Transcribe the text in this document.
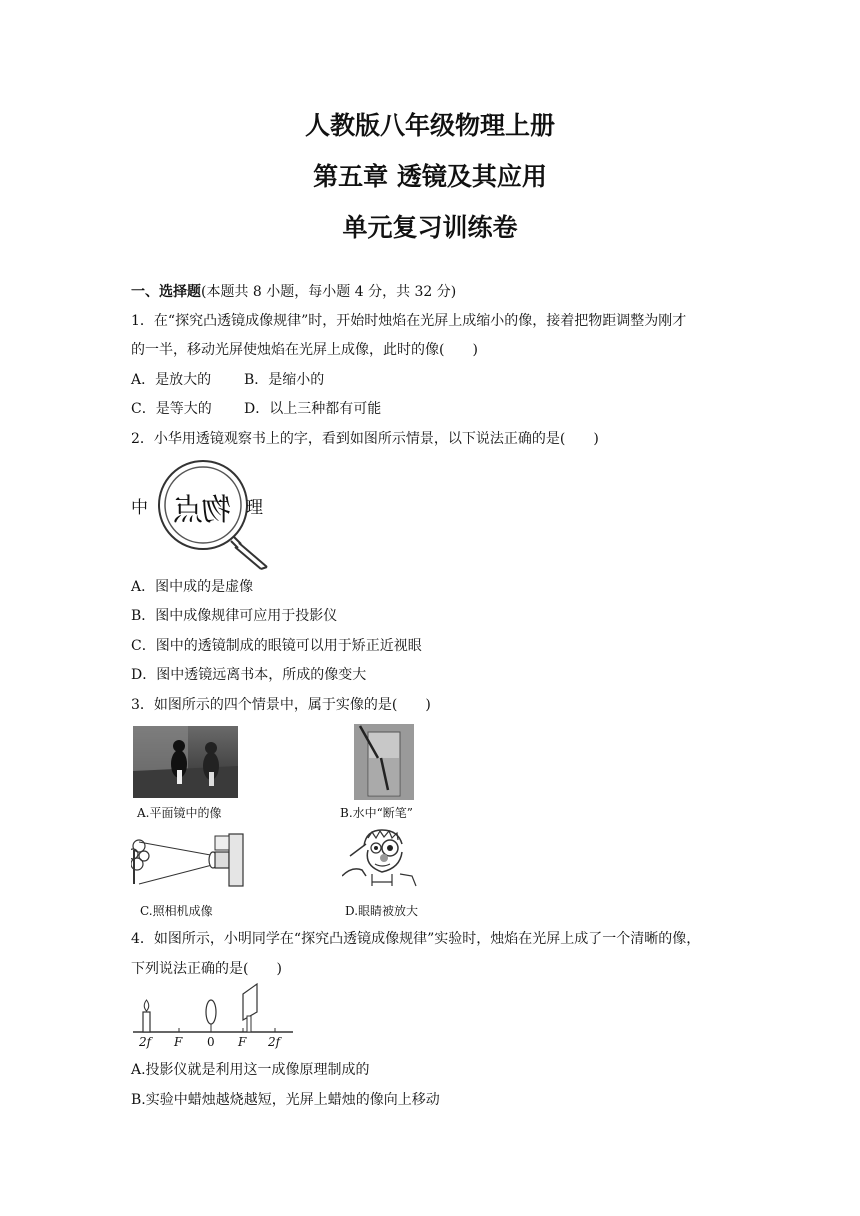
人教版八年级物理上册
第五章 透镜及其应用
单元复习训练卷
一、选择题(本题共 8 小题，每小题 4 分，共 32 分)
1．在“探究凸透镜成像规律”时，开始时烛焰在光屏上成缩小的像，接着把物距调整为刚才
的一半，移动光屏使烛焰在光屏上成像，此时的像(　　)
A．是放大的 B．是缩小的
C．是等大的 D．以上三种都有可能
2．小华用透镜观察书上的字，看到如图所示情景，以下说法正确的是(　　)
中	理
物点
A．图中成的是虚像
B．图中成像规律可应用于投影仪
C．图中的透镜制成的眼镜可以用于矫正近视眼
D．图中透镜远离书本，所成的像变大
3．如图所示的四个情景中，属于实像的是(　　)
A.平面镜中的像	B.水中“断笔”
C.照相机成像	D.眼睛被放大
4．如图所示，小明同学在“探究凸透镜成像规律”实验时，烛焰在光屏上成了一个清晰的像，
下列说法正确的是(　　)
2f F 0 F 2f
A.投影仪就是利用这一成像原理制成的
B.实验中蜡烛越烧越短，光屏上蜡烛的像向上移动
